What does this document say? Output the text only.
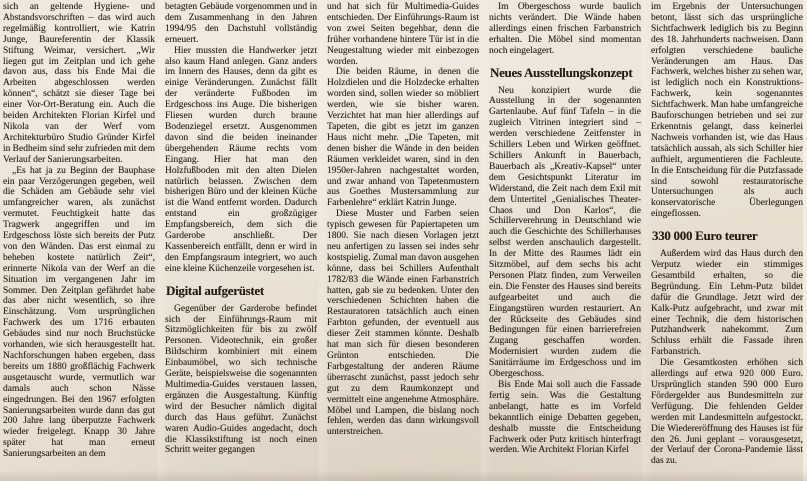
sich an geltende Hygiene- und Abstandsvorschriften – das wird auch regelmäßig kontrolliert, wie Katrin Junge, Baureferentin der Klassik Stiftung Weimar, versichert. „Wir liegen gut im Zeitplan und ich gehe davon aus, dass bis Ende Mai die Arbeiten abgeschlossen werden können“, schätzt sie dieser Tage bei einer Vor-Ort-Beratung ein. Auch die beiden Architekten Florian Kirfel und Nikola van der Werf vom Architekturbüro Studio Gründer Kirfel in Bedheim sind sehr zufrieden mit dem Verlauf der Sanierungsarbeiten.

„Es hat ja zu Beginn der Bauphase ein paar Verzögerungen gegeben, weil die Schäden am Gebäude sehr viel umfangreicher waren, als zunächst vermutet. Feuchtigkeit hatte das Tragwerk angegriffen und im Erdgeschoss löste sich bereits der Putz von den Wänden. Das erst einmal zu beheben kostete natürlich Zeit“, erinnerte Nikola van der Werf an die Situation im vergangenen Jahr im Sommer. Den Zeitplan gefährdet habe das aber nicht wesentlich, so ihre Einschätzung. Vom ursprünglichen Fachwerk des um 1716 erbauten Gebäudes sind nur noch Bruchstücke vorhanden, wie sich herausgestellt hat. Nachforschungen haben ergeben, dass bereits um 1880 großflächig Fachwerk ausgetauscht wurde, vermutlich war damals auch schon Nässe eingedrungen. Bei den 1967 erfolgten Sanierungsarbeiten wurde dann das gut 200 Jahre lang überputzte Fachwerk wieder freigelegt. Knapp 30 Jahre später hat man erneut Sanierungsarbeiten an dem

betagten Gebäude vorgenommen und in dem Zusammenhang in den Jahren 1994/95 den Dachstuhl vollständig erneuert.

Hier mussten die Handwerker jetzt also kaum Hand anlegen. Ganz anders im Innern des Hauses, denn da gibt es einige Veränderungen. Zunächst fällt der veränderte Fußboden im Erdgeschoss ins Auge. Die bisherigen Fliesen wurden durch braune Bodenziegel ersetzt. Ausgenommen davon sind die beiden ineinander übergehenden Räume rechts vom Eingang. Hier hat man den Holzfußboden mit den alten Dielen natürlich belassen. Zwischen dem bisherigen Büro und der kleinen Küche ist die Wand entfernt worden. Dadurch entstand ein großzügiger Empfangsbereich, dem sich die Garderobe anschließt. Der Kassenbereich entfällt, denn er wird in den Empfangsraum integriert, wo auch eine kleine Küchenzeile vorgesehen ist.

Digital aufgerüstet

Gegenüber der Garderobe befindet sich der Einführungs-Raum mit Sitzmöglichkeiten für bis zu zwölf Personen. Videotechnik, ein großer Bildschirm kombiniert mit einem Einbaumöbel, wo sich technische Geräte, beispielsweise die sogenannten Multimedia-Guides verstauen lassen, ergänzen die Ausgestaltung. Künftig wird der Besucher nämlich digital durch das Haus geführt. Zunächst waren Audio-Guides angedacht, doch die Klassikstiftung ist noch einen Schritt weiter gegangen

und hat sich für Multimedia-Guides entschieden. Der Einführungs-Raum ist von zwei Seiten begehbar, denn die früher vorhandene hintere Tür ist in die Neugestaltung wieder mit einbezogen worden.

Die beiden Räume, in denen die Holzdielen und die Holzdecke erhalten worden sind, sollen wieder so möbliert werden, wie sie bisher waren. Verzichtet hat man hier allerdings auf Tapeten, die gibt es jetzt im ganzen Haus nicht mehr. „Die Tapeten, mit denen bisher die Wände in den beiden Räumen verkleidet waren, sind in den 1950er-Jahren nachgestaltet worden, und zwar anhand von Tapetenmustern aus Goethes Mustersammlung zur Farbenlehre“ erklärt Katrin Junge.

Diese Muster und Farben seien typisch gewesen für Papiertapeten um 1800. Sie nach diesen Vorlagen jetzt neu anfertigen zu lassen sei indes sehr kostspielig. Zumal man davon ausgehen könne, dass bei Schillers Aufenthalt 1782/83 die Wände einen Farbanstrich hatten, gab sie zu bedenken. Unter den verschiedenen Schichten haben die Restauratoren tatsächlich auch einen Farbton gefunden, der eventuell aus dieser Zeit stammen könnte. Deshalb hat man sich für diesen besonderen Grünton entschieden. Die Farbgestaltung der anderen Räume überrascht zunächst, passt jedoch sehr gut zu dem Raumkonzept und vermittelt eine angenehme Atmosphäre. Möbel und Lampen, die bislang noch fehlen, werden das dann wirkungsvoll unterstreichen.

Im Obergeschoss wurde baulich nichts verändert. Die Wände haben allerdings einen frischen Farbanstrich erhalten. Die Möbel sind momentan noch eingelagert.

Neues Ausstellungskonzept

Neu konzipiert wurde die Ausstellung in der sogenannten Gartenlaube. Auf fünf Tafeln – in die zugleich Vitrinen integriert sind – werden verschiedene Zeitfenster in Schillers Leben und Wirken geöffnet. Schillers Ankunft in Bauerbach, Bauerbach als „Kreativ-Kapsel“ unter dem Gesichtspunkt Literatur im Widerstand, die Zeit nach dem Exil mit dem Untertitel „Genialisches Theater-Chaos und Don Karlos“, die Schillerverehrung in Deutschland wie auch die Geschichte des Schillerhauses selbst werden anschaulich dargestellt. In der Mitte des Raumes lädt ein Sitzmöbel, auf dem sechs bis acht Personen Platz finden, zum Verweilen ein. Die Fenster des Hauses sind bereits aufgearbeitet und auch die Eingangstüren wurden restauriert. An der Rückseite des Gebäudes sind Bedingungen für einen barrierefreien Zugang geschaffen worden. Modernisiert wurden zudem die Sanitärräume im Erdgeschoss und im Obergeschoss.

Bis Ende Mai soll auch die Fassade fertig sein. Was die Gestaltung anbelangt, hatte es im Vorfeld bekanntlich einige Debatten gegeben, deshalb musste die Entscheidung Fachwerk oder Putz kritisch hinterfragt werden. Wie Architekt Florian Kirfel

im Ergebnis der Untersuchungen betont, lässt sich das ursprüngliche Sichtfachwerk lediglich bis zu Beginn des 18. Jahrhunderts nachweisen. Dann erfolgten verschiedene bauliche Veränderungen am Haus. Das Fachwerk, welches bisher zu sehen war, ist lediglich noch ein Konstruktions-Fachwerk, kein sogenanntes Sichtfachwerk. Man habe umfangreiche Bauforschungen betrieben und sei zur Erkenntnis gelangt, dass keinerlei Nachweis vorhanden ist, wie das Haus tatsächlich aussah, als sich Schiller hier aufhielt, argumentieren die Fachleute. In die Entscheidung für die Putzfassade sind sowohl restauratorische Untersuchungen als auch konservatorische Überlegungen eingeflossen.

330 000 Euro teurer

Außerdem wird das Haus durch den Verputz wieder ein stimmiges Gesamtbild erhalten, so die Begründung. Ein Lehm-Putz bildet dafür die Grundlage. Jetzt wird der Kalk-Putz aufgebracht, und zwar mit einer Technik, die dem historischen Putzhandwerk nahekommt. Zum Schluss erhält die Fassade ihren Farbanstrich.

Die Gesamtkosten erhöhen sich allerdings auf etwa 920 000 Euro. Ursprünglich standen 590 000 Euro Fördergelder aus Bundesmitteln zur Verfügung. Die fehlenden Gelder werden mit Landesmitteln aufgestockt. Die Wiedereröffnung des Hauses ist für den 26. Juni geplant – vorausgesetzt, der Verlauf der Corona-Pandemie lässt das zu.
